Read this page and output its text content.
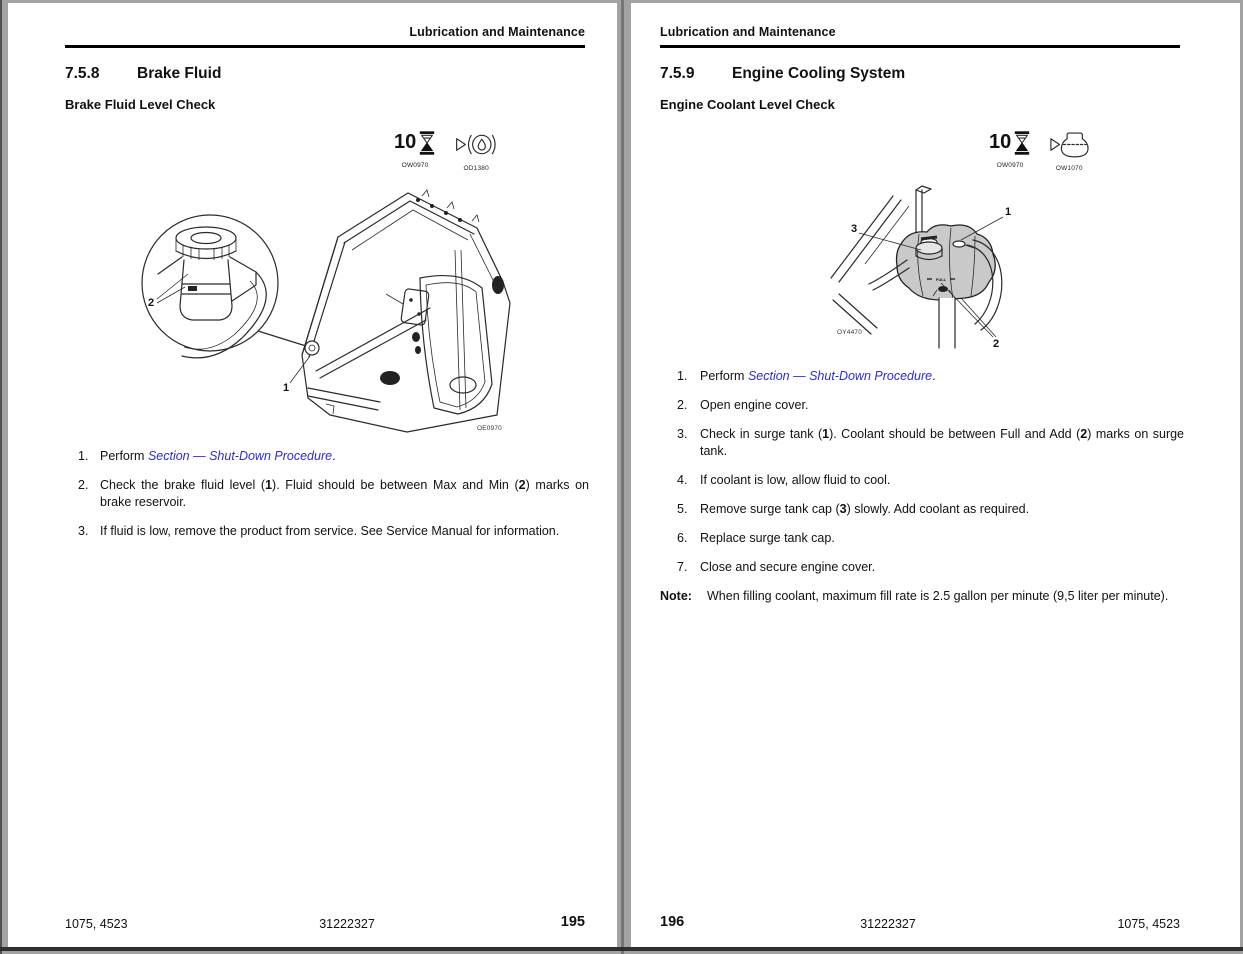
Lubrication and Maintenance
7.5.8	Brake Fluid
Brake Fluid Level Check
10
OW0970	OD1380
2
1
OE0970
1. Perform Section — Shut-Down Procedure.

2. Check the brake fluid level (1). Fluid should be between Max and Min (2) marks on brake reservoir.

3. If fluid is low, remove the product from service. See Service Manual for information.

1075, 4523	31222327	195
Lubrication and Maintenance
7.5.9	Engine Cooling System
Engine Coolant Level Check
10
OW0970	OW1070
FULL
1
3
2
OY4470
1.	Perform Section — Shut-Down Procedure.

2.	Open engine cover.

3.	Check in surge tank (1). Coolant should be between Full and Add (2) marks on surge tank.

4.	If coolant is low, allow fluid to cool.

5.	Remove surge tank cap (3) slowly. Add coolant as required.

6.	Replace surge tank cap.

7.	Close and secure engine cover.

Note:	When filling coolant, maximum fill rate is 2.5 gallon per minute (9,5 liter per minute).

196	31222327	1075, 4523
